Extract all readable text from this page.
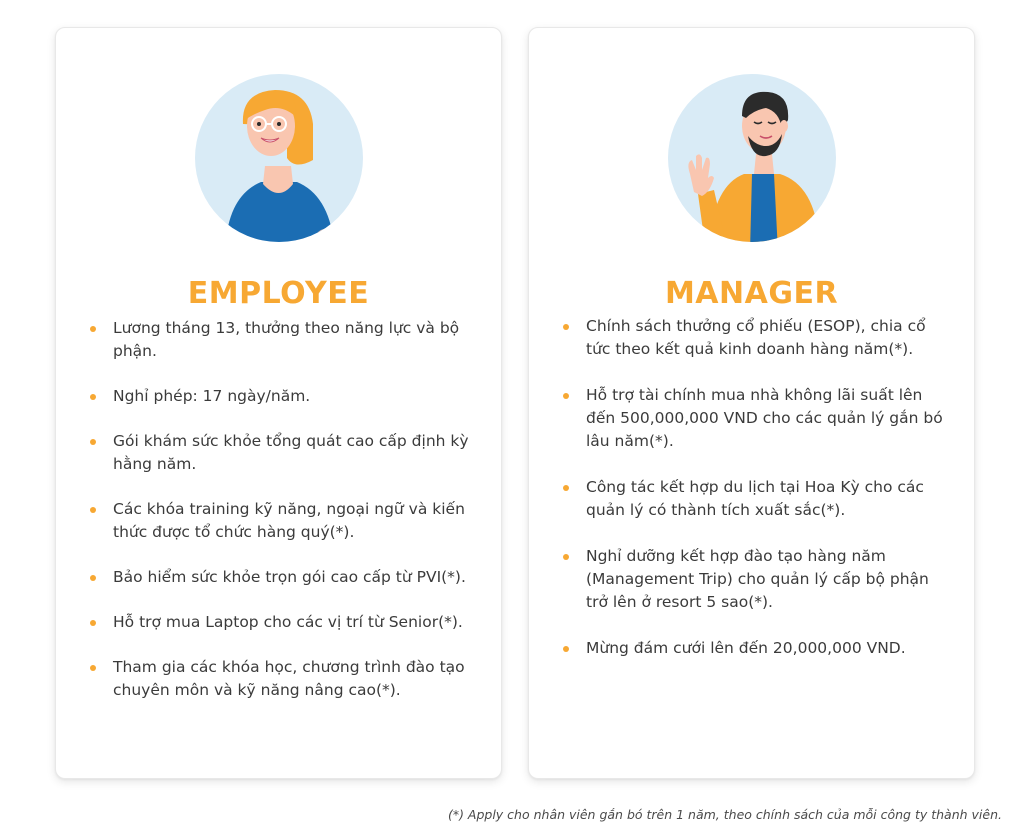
EMPLOYEE
Lương tháng 13, thưởng theo năng lực và bộ phận.
Nghỉ phép: 17 ngày/năm.
Gói khám sức khỏe tổng quát cao cấp định kỳ hằng năm.
Các khóa training kỹ năng, ngoại ngữ và kiến thức được tổ chức hàng quý(*).
Bảo hiểm sức khỏe trọn gói cao cấp từ PVI(*).
Hỗ trợ mua Laptop cho các vị trí từ Senior(*).
Tham gia các khóa học, chương trình đào tạo chuyên môn và kỹ năng nâng cao(*).
MANAGER
Chính sách thưởng cổ phiếu (ESOP), chia cổ tức theo kết quả kinh doanh hàng năm(*).
Hỗ trợ tài chính mua nhà không lãi suất lên đến 500,000,000 VND cho các quản lý gắn bó lâu năm(*).
Công tác kết hợp du lịch tại Hoa Kỳ cho các quản lý có thành tích xuất sắc(*).
Nghỉ dưỡng kết hợp đào tạo hàng năm (Management Trip) cho quản lý cấp bộ phận trở lên ở resort 5 sao(*).
Mừng đám cưới lên đến 20,000,000 VND.

(*) Apply cho nhân viên gắn bó trên 1 năm, theo chính sách của mỗi công ty thành viên.
